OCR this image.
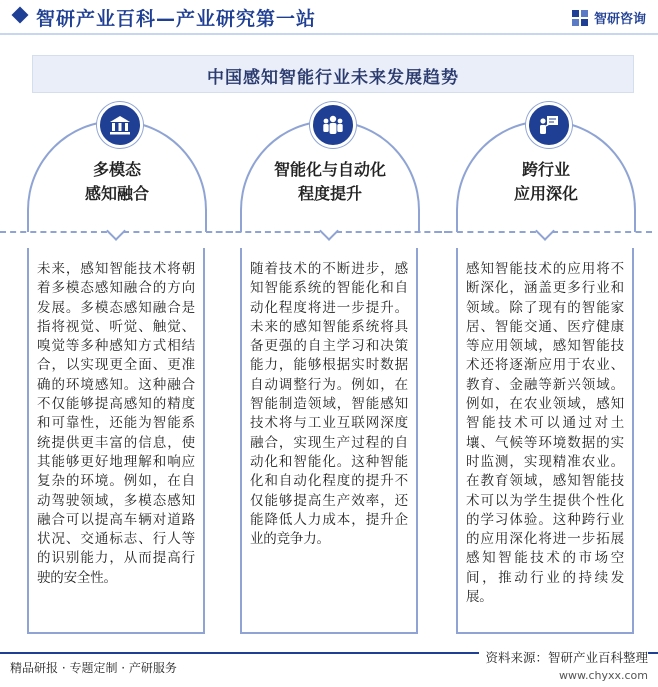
智研产业百科—产业研究第一站	智研咨询
中国感知智能行业未来发展趋势
多模态
感知融合
未来，感知智能技术将朝着多模态感知融合的方向发展。多模态感知融合是指将视觉、听觉、触觉、嗅觉等多种感知方式相结合，以实现更全面、更准确的环境感知。这种融合不仅能够提高感知的精度和可靠性，还能为智能系统提供更丰富的信息，使其能够更好地理解和响应复杂的环境。例如，在自动驾驶领域，多模态感知融合可以提高车辆对道路状况、交通标志、行人等的识别能力，从而提高行驶的安全性。
智能化与自动化
程度提升
随着技术的不断进步，感知智能系统的智能化和自动化程度将进一步提升。未来的感知智能系统将具备更强的自主学习和决策能力，能够根据实时数据自动调整行为。例如，在智能制造领域，智能感知技术将与工业互联网深度融合，实现生产过程的自动化和智能化。这种智能化和自动化程度的提升不仅能够提高生产效率，还能降低人力成本，提升企业的竞争力。
跨行业
应用深化
感知智能技术的应用将不断深化，涵盖更多行业和领域。除了现有的智能家居、智能交通、医疗健康等应用领域，感知智能技术还将逐渐应用于农业、教育、金融等新兴领域。例如，在农业领域，感知智能技术可以通过对土壤、气候等环境数据的实时监测，实现精准农业。在教育领域，感知智能技术可以为学生提供个性化的学习体验。这种跨行业的应用深化将进一步拓展感知智能技术的市场空间，推动行业的持续发展。
精品研报 · 专题定制 · 产研服务
资料来源：智研产业百科整理
www.chyxx.com
